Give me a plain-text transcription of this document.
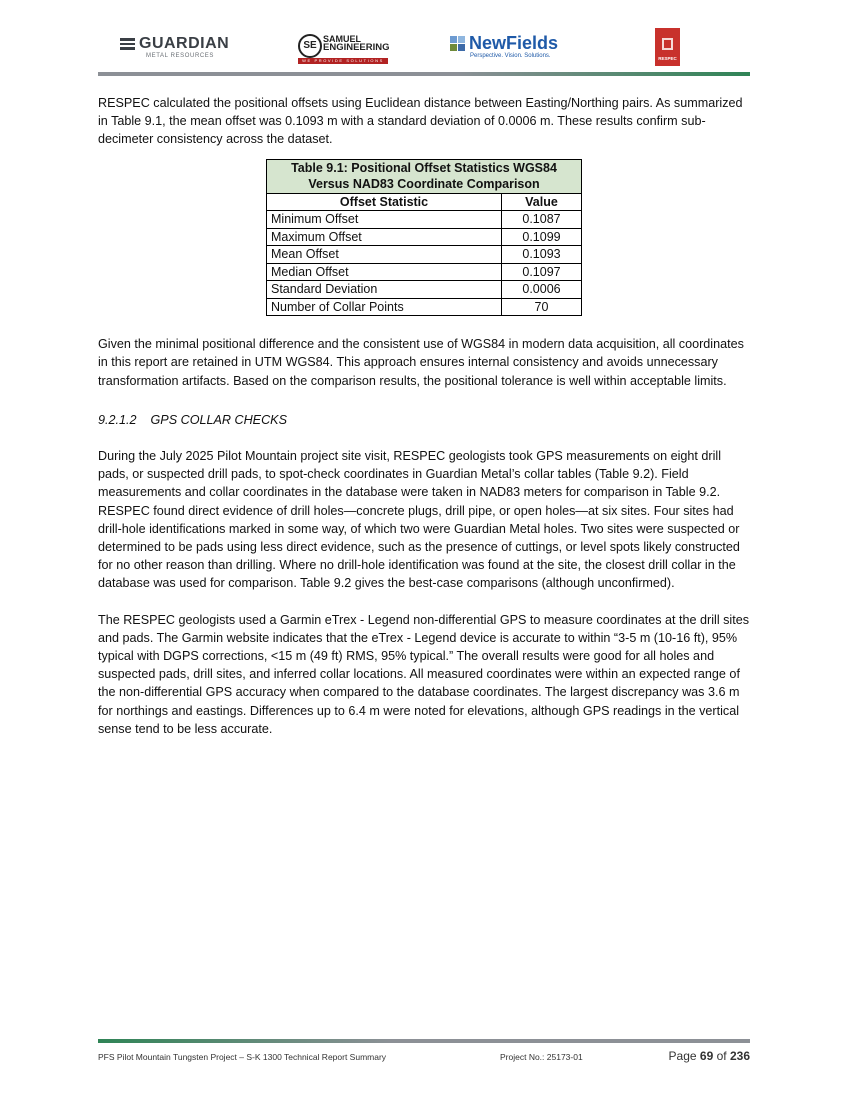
GUARDIAN
METAL RESOURCES
SE
SAMUEL
ENGINEERING
WE PROVIDE SOLUTIONS
NewFields
Perspective. Vision. Solutions.	RESPEC

RESPEC calculated the positional offsets using Euclidean distance between Easting/Northing pairs. As summarized in Table 9.1, the mean offset was 0.1093 m with a standard deviation of 0.0006 m. These results confirm sub-decimeter consistency across the dataset.

Table 9.1: Positional Offset Statistics WGS84
Versus NAD83 Coordinate Comparison	
Offset Statistic	Value
Minimum Offset	0.1087
Maximum Offset	0.1099
Mean Offset	0.1093
Median Offset	0.1097
Standard Deviation	0.0006
Number of Collar Points	70

Given the minimal positional difference and the consistent use of WGS84 in modern data acquisition, all coordinates in this report are retained in UTM WGS84. This approach ensures internal consistency and avoids unnecessary transformation artifacts. Based on the comparison results, the positional tolerance is well within acceptable limits.

9.2.1.2    GPS COLLAR CHECKS

During the July 2025 Pilot Mountain project site visit, RESPEC geologists took GPS measurements on eight drill pads, or suspected drill pads, to spot-check coordinates in Guardian Metal’s collar tables (Table 9.2). Field measurements and collar coordinates in the database were taken in NAD83 meters for comparison in Table 9.2. RESPEC found direct evidence of drill holes—concrete plugs, drill pipe, or open holes—at six sites. Four sites had drill-hole identifications marked in some way, of which two were Guardian Metal holes. Two sites were suspected or determined to be pads using less direct evidence, such as the presence of cuttings, or level spots likely constructed for no other reason than drilling. Where no drill-hole identification was found at the site, the closest drill collar in the database was used for comparison. Table 9.2 gives the best-case comparisons (although unconfirmed).

The RESPEC geologists used a Garmin eTrex - Legend non-differential GPS to measure coordinates at the drill sites and pads. The Garmin website indicates that the eTrex - Legend device is accurate to within “3-5 m (10-16 ft), 95% typical with DGPS corrections, <15 m (49 ft) RMS, 95% typical.” The overall results were good for all holes and suspected pads, drill sites, and inferred collar locations. All measured coordinates were within an expected range of the non-differential GPS accuracy when compared to the database coordinates. The largest discrepancy was 3.6 m for northings and eastings. Differences up to 6.4 m were noted for elevations, although GPS readings in the vertical sense tend to be less accurate.

PFS Pilot Mountain Tungsten Project – S-K 1300 Technical Report Summary	Project No.: 25173-01	Page 69 of 236
